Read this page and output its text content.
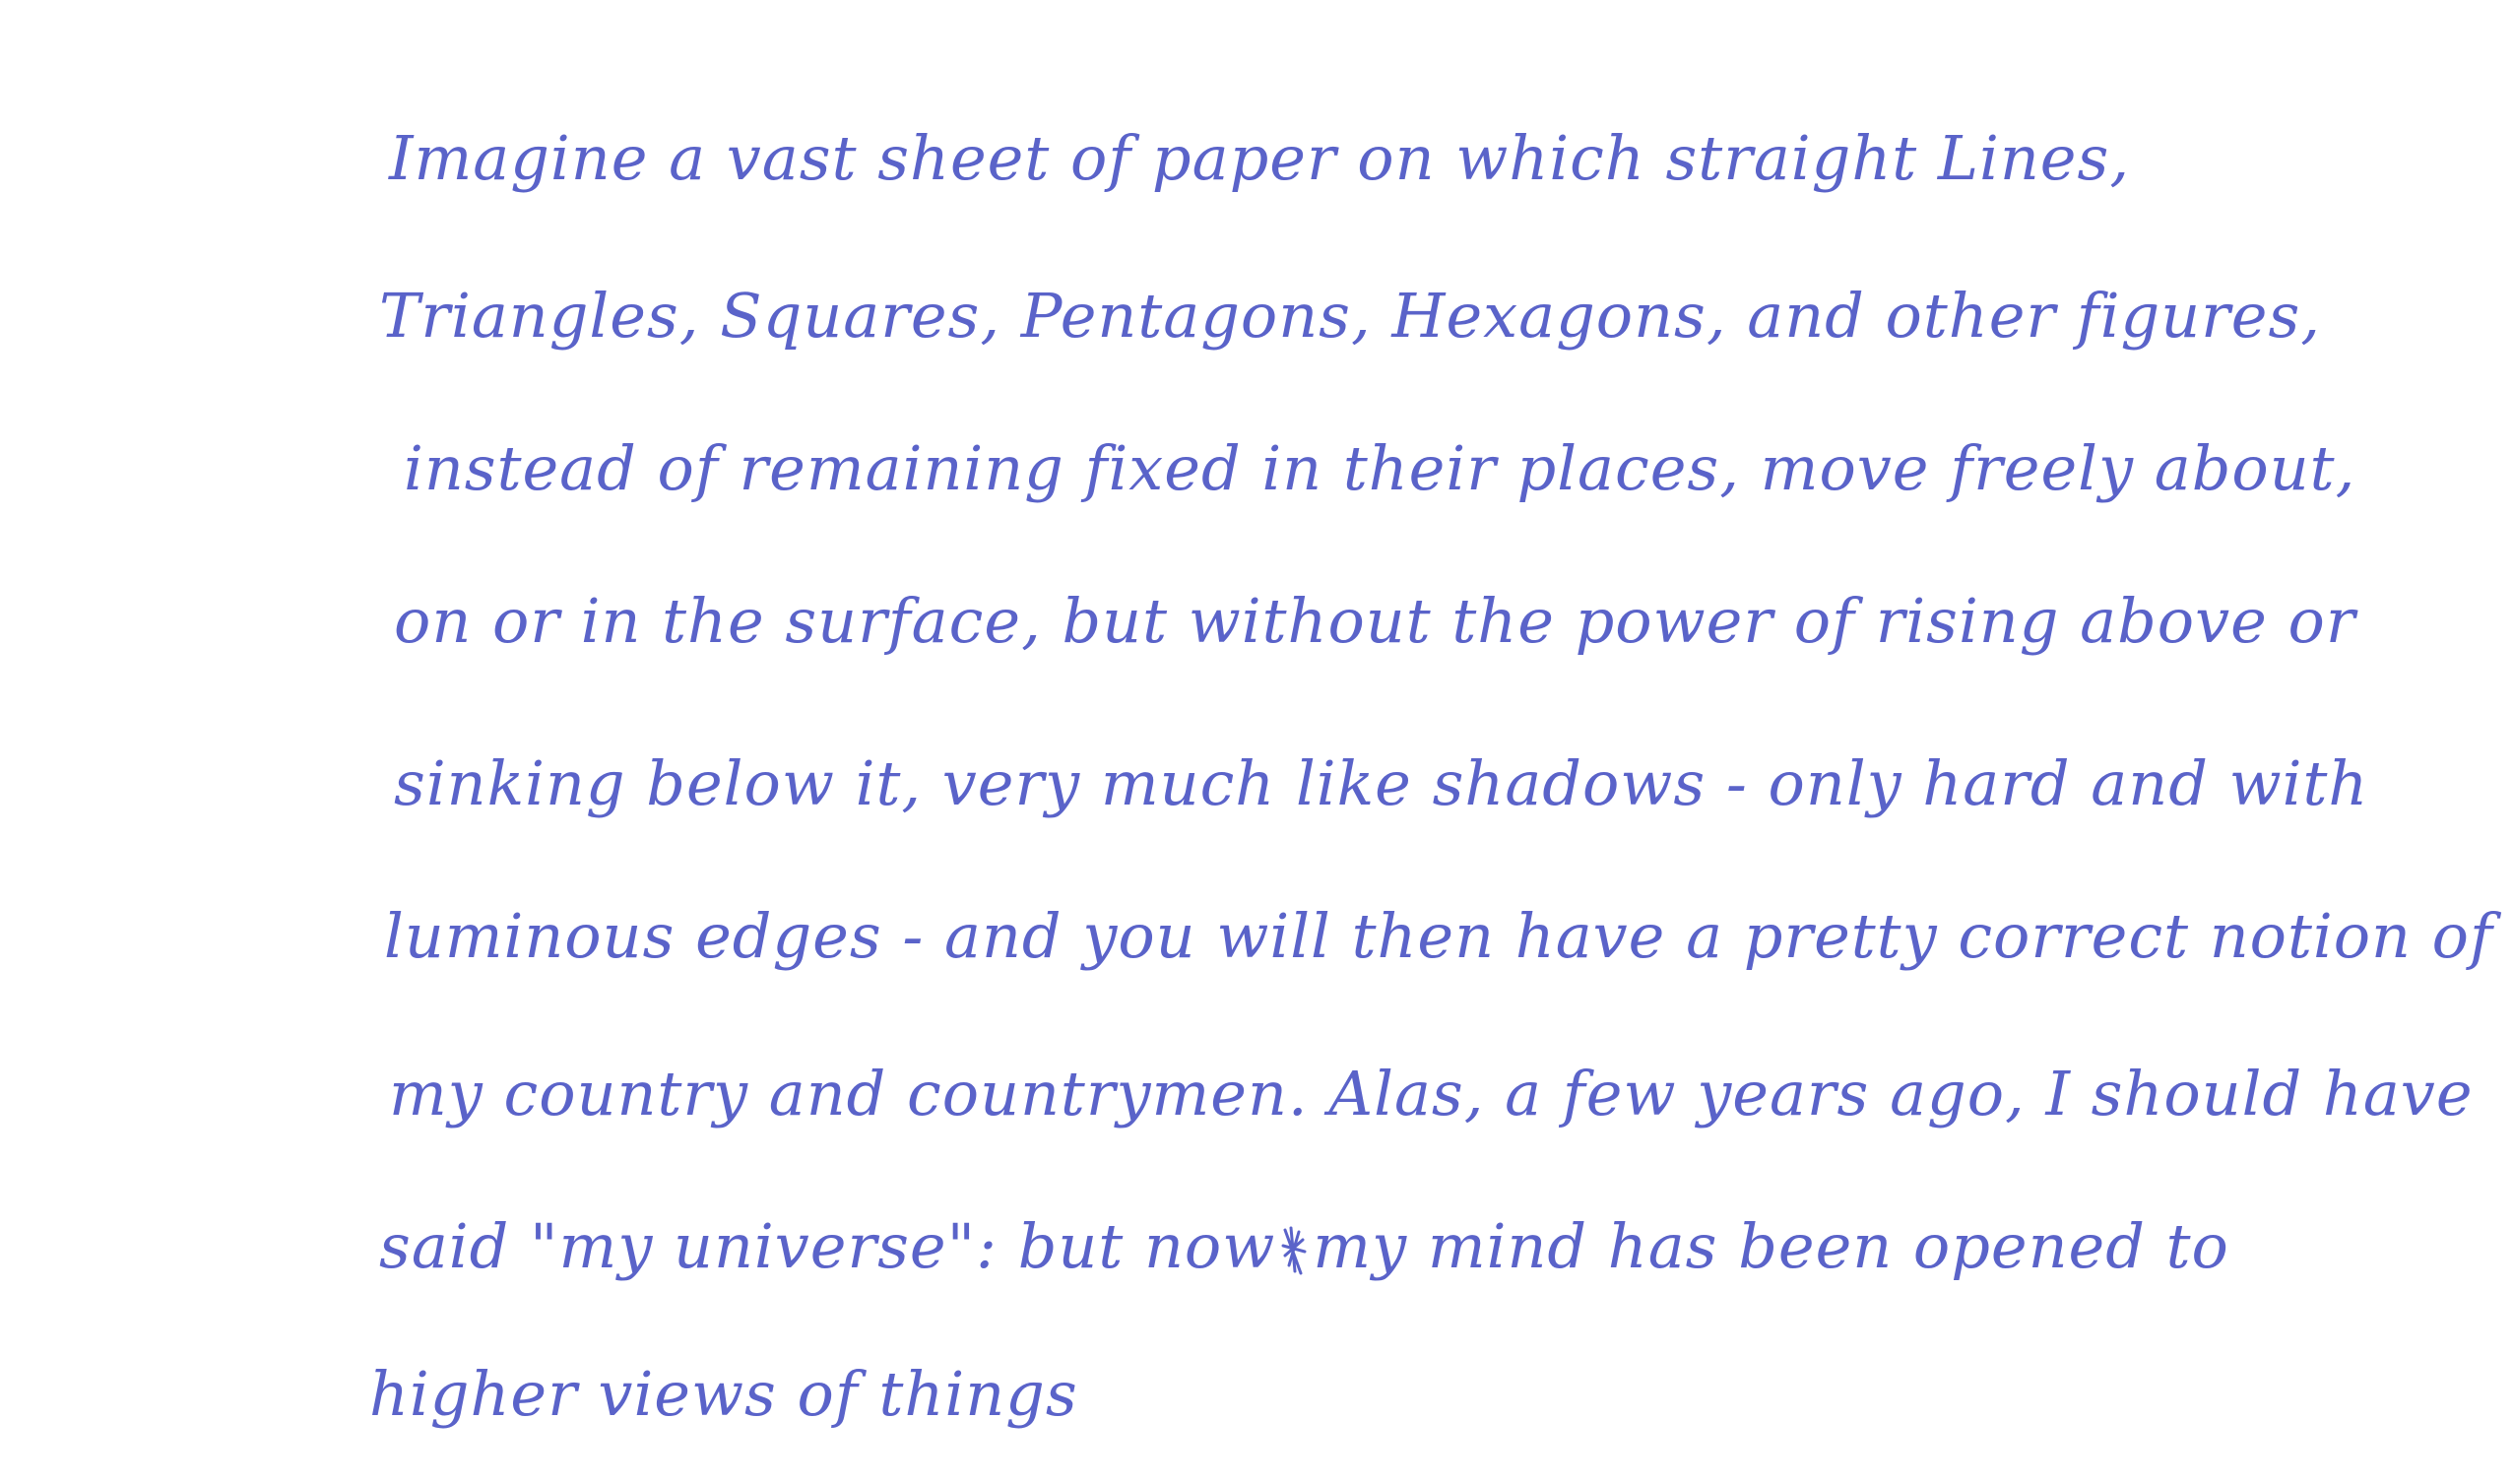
Imagine a vast sheet of paper on which straight Lines,

Triangles, Squares, Pentagons, Hexagons, and other figures,

instead of remaining fixed in their places, move freely about,

on or in the surface, but without the power of rising above or

sinking below it, very much like shadows - only hard and with

luminous edges - and you will then have a pretty correct notion of

my country and countrymen. Alas, a few years ago, I should have

said "my universe": but now my mind has been opened to

higher views of things
